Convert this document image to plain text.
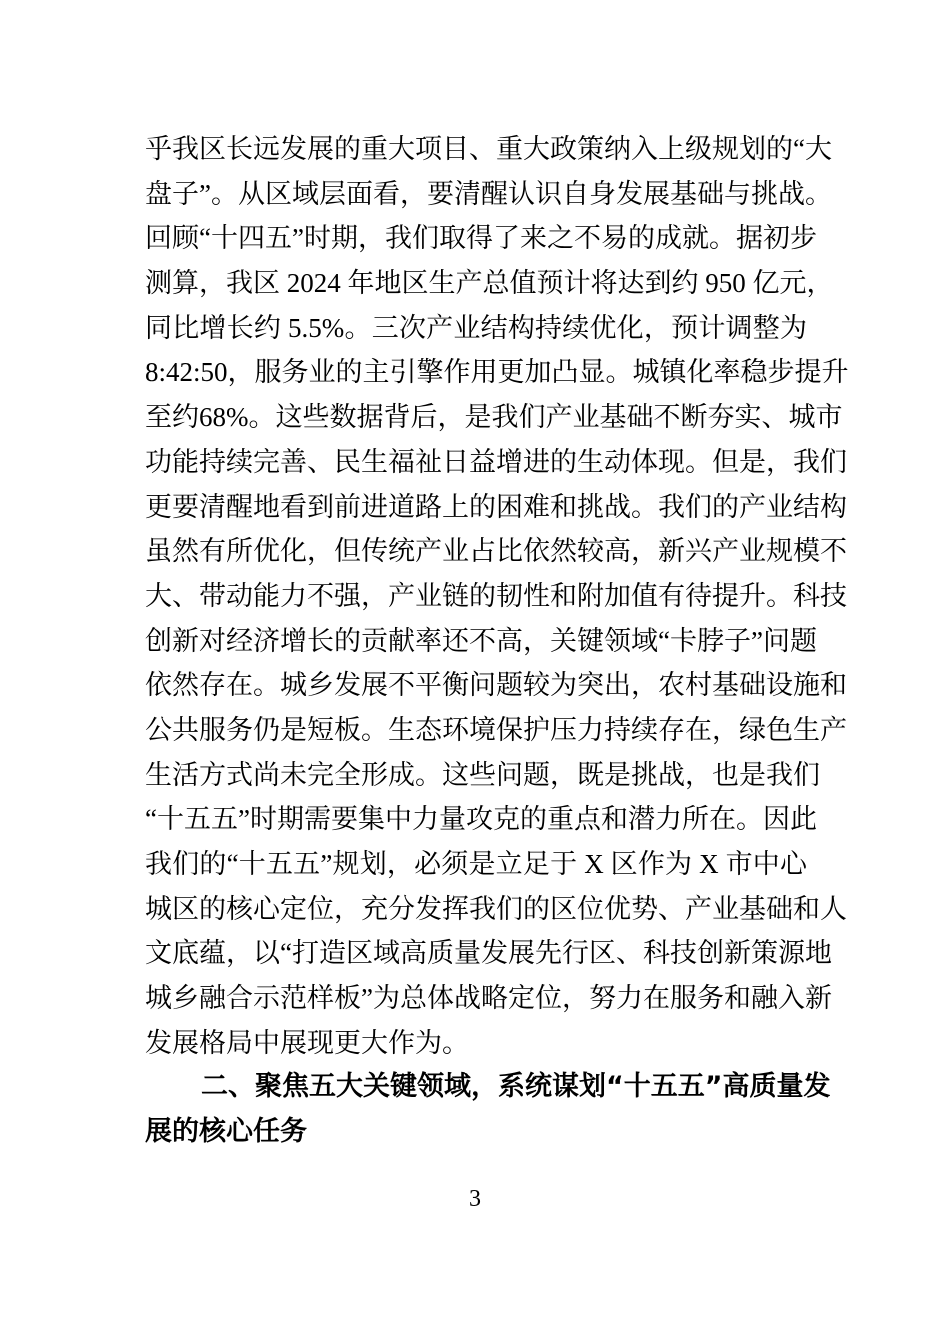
乎我区长远发展的重大项目、重大政策纳入上级规划的“大
盘子”。从区域层面看，要清醒认识自身发展基础与挑战。
回顾“十四五”时期，我们取得了来之不易的成就。据初步
测算，我区 2024 年地区生产总值预计将达到约 950 亿元，
同比增长约 5.5%。三次产业结构持续优化，预计调整为
8:42:50，服务业的主引擎作用更加凸显。城镇化率稳步提升
至约68%。这些数据背后，是我们产业基础不断夯实、城市
功能持续完善、民生福祉日益增进的生动体现。但是，我们
更要清醒地看到前进道路上的困难和挑战。我们的产业结构
虽然有所优化，但传统产业占比依然较高，新兴产业规模不
大、带动能力不强，产业链的韧性和附加值有待提升。科技
创新对经济增长的贡献率还不高，关键领域“卡脖子”问题
依然存在。城乡发展不平衡问题较为突出，农村基础设施和
公共服务仍是短板。生态环境保护压力持续存在，绿色生产
生活方式尚未完全形成。这些问题，既是挑战，也是我们
“十五五”时期需要集中力量攻克的重点和潜力所在。因此
我们的“十五五”规划，必须是立足于 X 区作为 X 市中心
城区的核心定位，充分发挥我们的区位优势、产业基础和人
文底蕴，以“打造区域高质量发展先行区、科技创新策源地
城乡融合示范样板”为总体战略定位，努力在服务和融入新
发展格局中展现更大作为。
二、聚焦五大关键领域，系统谋划“十五五”高质量发
展的核心任务
3
